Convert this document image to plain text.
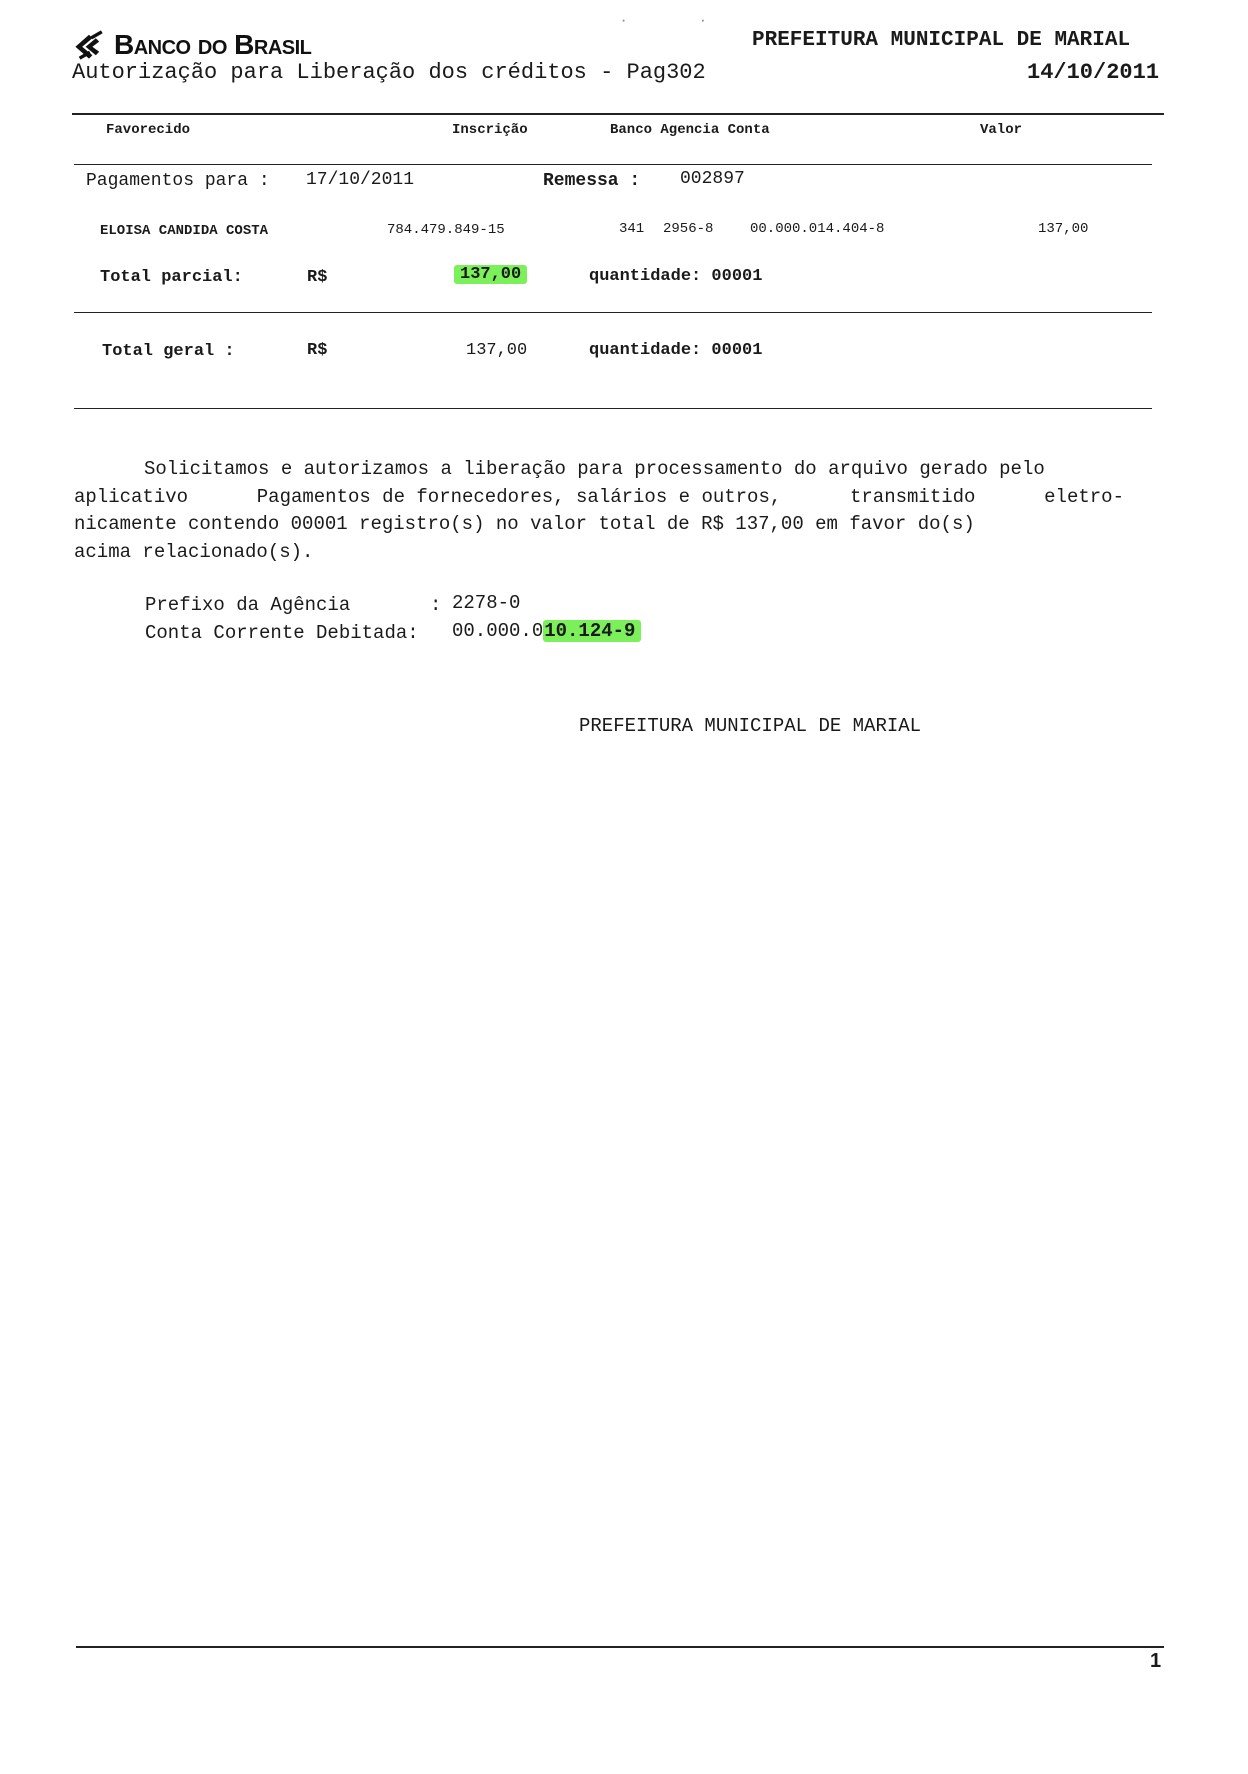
Banco do Brasil
·          ·
PREFEITURA MUNICIPAL DE MARIAL
Autorização para Liberação dos créditos - Pag302	14/10/2011
Favorecido	Inscrição	Banco Agencia Conta	Valor
Pagamentos para : 17/10/2011	Remessa : 002897
ELOISA CANDIDA COSTA	784.479.849-15	341 2956-8	00.000.014.404-8	137,00
Total parcial:	R$	137,00	quantidade: 00001
Total geral :	R$	137,00	quantidade: 00001
Solicitamos e autorizamos a liberação para processamento do arquivo gerado pelo
aplicativo	Pagamentos de fornecedores, salários e outros,	transmitido	eletro-
nicamente contendo 00001 registro(s) no valor total de R$ 137,00 em favor do(s)
acima relacionado(s).
Prefixo da Agência	: 2278-0
Conta Corrente Debitada: 00.000.010.124-9
PREFEITURA MUNICIPAL DE MARIAL
1
